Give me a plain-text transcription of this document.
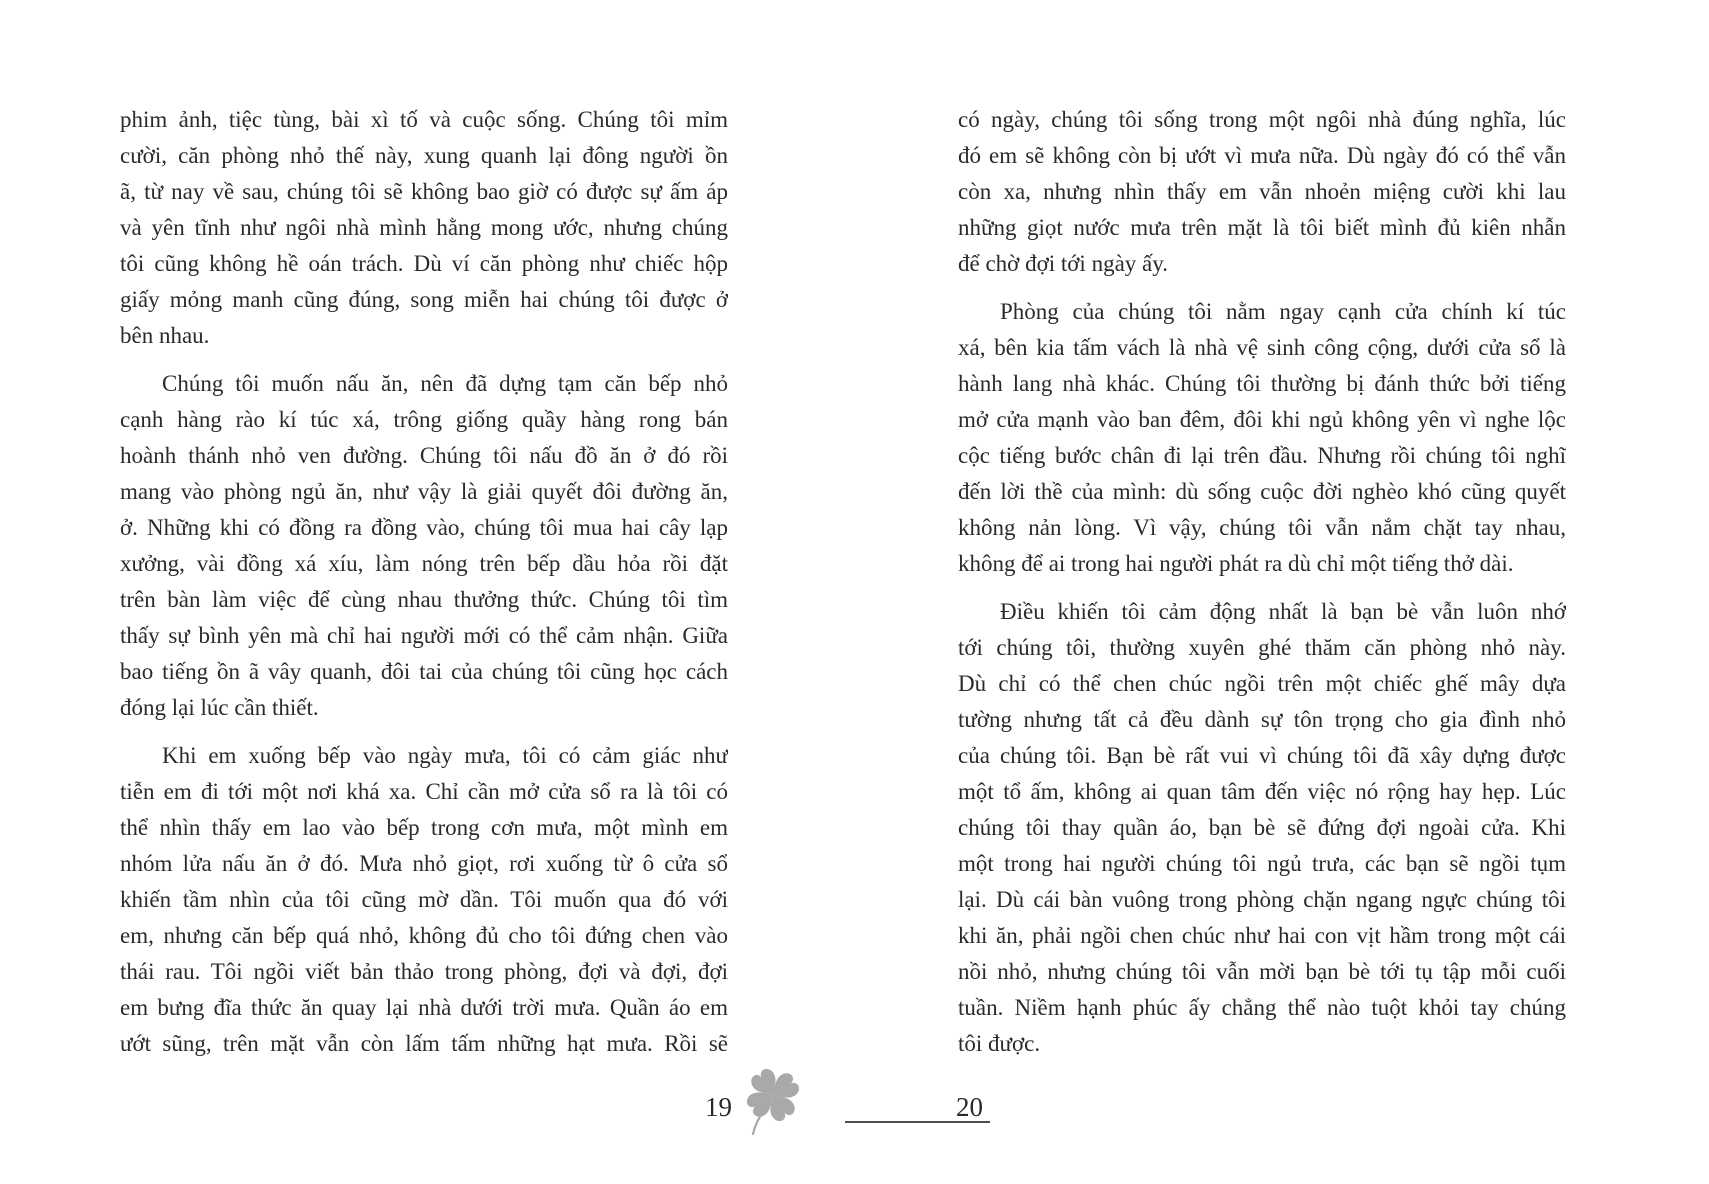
phim ảnh, tiệc tùng, bài xì tố và cuộc sống. Chúng tôi mỉm
cười, căn phòng nhỏ thế này, xung quanh lại đông người ồn
ã, từ nay về sau, chúng tôi sẽ không bao giờ có được sự ấm áp
và yên tĩnh như ngôi nhà mình hằng mong ước, nhưng chúng
tôi cũng không hề oán trách. Dù ví căn phòng như chiếc hộp
giấy mỏng manh cũng đúng, song miễn hai chúng tôi được ở
bên nhau.
Chúng tôi muốn nấu ăn, nên đã dựng tạm căn bếp nhỏ
cạnh hàng rào kí túc xá, trông giống quầy hàng rong bán
hoành thánh nhỏ ven đường. Chúng tôi nấu đồ ăn ở đó rồi
mang vào phòng ngủ ăn, như vậy là giải quyết đôi đường ăn,
ở. Những khi có đồng ra đồng vào, chúng tôi mua hai cây lạp
xưởng, vài đồng xá xíu, làm nóng trên bếp dầu hỏa rồi đặt
trên bàn làm việc để cùng nhau thưởng thức. Chúng tôi tìm
thấy sự bình yên mà chỉ hai người mới có thể cảm nhận. Giữa
bao tiếng ồn ã vây quanh, đôi tai của chúng tôi cũng học cách
đóng lại lúc cần thiết.
Khi em xuống bếp vào ngày mưa, tôi có cảm giác như
tiễn em đi tới một nơi khá xa. Chỉ cần mở cửa sổ ra là tôi có
thể nhìn thấy em lao vào bếp trong cơn mưa, một mình em
nhóm lửa nấu ăn ở đó. Mưa nhỏ giọt, rơi xuống từ ô cửa sổ
khiến tầm nhìn của tôi cũng mờ dần. Tôi muốn qua đó với
em, nhưng căn bếp quá nhỏ, không đủ cho tôi đứng chen vào
thái rau. Tôi ngồi viết bản thảo trong phòng, đợi và đợi, đợi
em bưng đĩa thức ăn quay lại nhà dưới trời mưa. Quần áo em
ướt sũng, trên mặt vẫn còn lấm tấm những hạt mưa. Rồi sẽ
có ngày, chúng tôi sống trong một ngôi nhà đúng nghĩa, lúc
đó em sẽ không còn bị ướt vì mưa nữa. Dù ngày đó có thể vẫn
còn xa, nhưng nhìn thấy em vẫn nhoẻn miệng cười khi lau
những giọt nước mưa trên mặt là tôi biết mình đủ kiên nhẫn
để chờ đợi tới ngày ấy.
Phòng của chúng tôi nằm ngay cạnh cửa chính kí túc
xá, bên kia tấm vách là nhà vệ sinh công cộng, dưới cửa sổ là
hành lang nhà khác. Chúng tôi thường bị đánh thức bởi tiếng
mở cửa mạnh vào ban đêm, đôi khi ngủ không yên vì nghe lộc
cộc tiếng bước chân đi lại trên đầu. Nhưng rồi chúng tôi nghĩ
đến lời thề của mình: dù sống cuộc đời nghèo khó cũng quyết
không nản lòng. Vì vậy, chúng tôi vẫn nắm chặt tay nhau,
không để ai trong hai người phát ra dù chỉ một tiếng thở dài.
Điều khiến tôi cảm động nhất là bạn bè vẫn luôn nhớ
tới chúng tôi, thường xuyên ghé thăm căn phòng nhỏ này.
Dù chỉ có thể chen chúc ngồi trên một chiếc ghế mây dựa
tường nhưng tất cả đều dành sự tôn trọng cho gia đình nhỏ
của chúng tôi. Bạn bè rất vui vì chúng tôi đã xây dựng được
một tổ ấm, không ai quan tâm đến việc nó rộng hay hẹp. Lúc
chúng tôi thay quần áo, bạn bè sẽ đứng đợi ngoài cửa. Khi
một trong hai người chúng tôi ngủ trưa, các bạn sẽ ngồi tụm
lại. Dù cái bàn vuông trong phòng chặn ngang ngực chúng tôi
khi ăn, phải ngồi chen chúc như hai con vịt hầm trong một cái
nồi nhỏ, nhưng chúng tôi vẫn mời bạn bè tới tụ tập mỗi cuối
tuần. Niềm hạnh phúc ấy chẳng thể nào tuột khỏi tay chúng
tôi được.
19	20
